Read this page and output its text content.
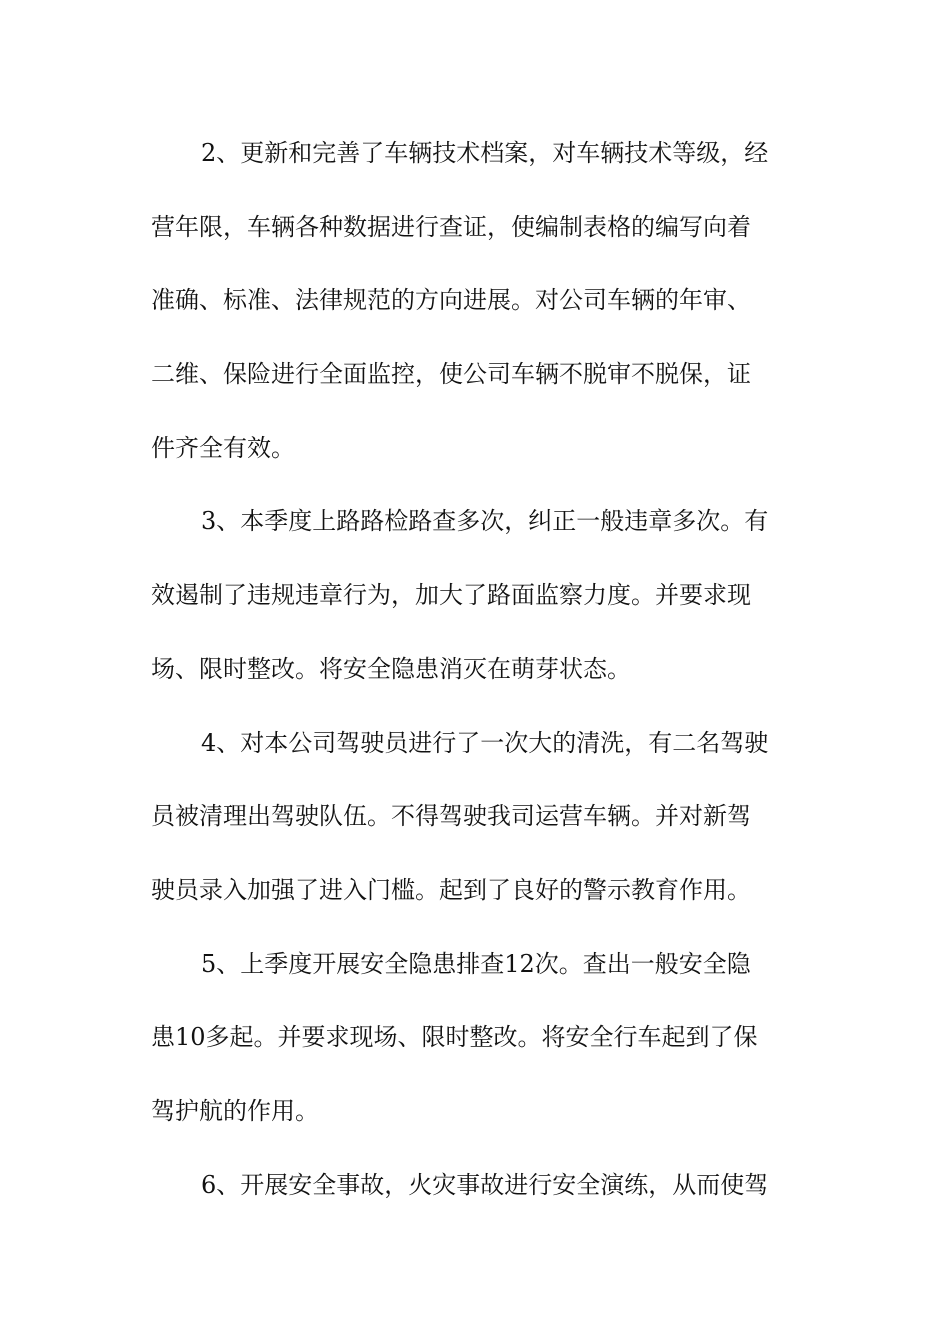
2、更新和完善了车辆技术档案，对车辆技术等级，经
营年限，车辆各种数据进行查证，使编制表格的编写向着
准确、标准、法律规范的方向进展。对公司车辆的年审、
二维、保险进行全面监控，使公司车辆不脱审不脱保，证
件齐全有效。
3、本季度上路路检路查多次，纠正一般违章多次。有
效遏制了违规违章行为，加大了路面监察力度。并要求现
场、限时整改。将安全隐患消灭在萌芽状态。
4、对本公司驾驶员进行了一次大的清洗，有二名驾驶
员被清理出驾驶队伍。不得驾驶我司运营车辆。并对新驾
驶员录入加强了进入门槛。起到了良好的警示教育作用。
5、上季度开展安全隐患排查12次。查出一般安全隐
患10多起。并要求现场、限时整改。将安全行车起到了保
驾护航的作用。
6、开展安全事故，火灾事故进行安全演练，从而使驾
